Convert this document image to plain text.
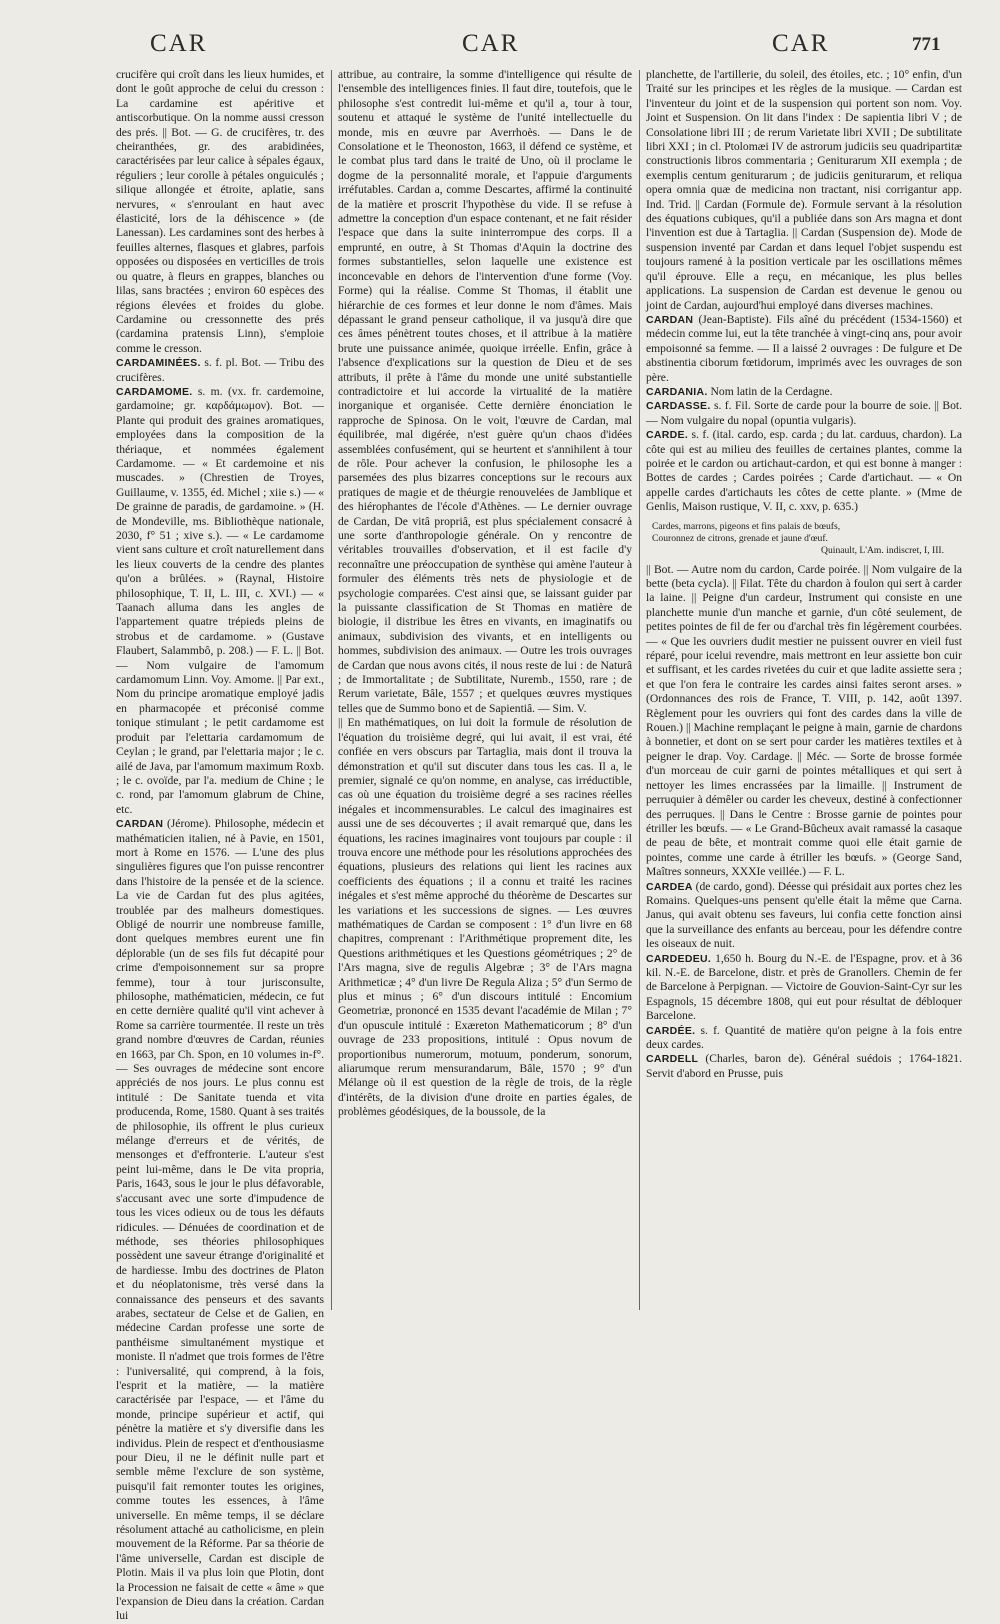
CAR	CAR	CAR	771

crucifère qui croît dans les lieux humides, et dont le goût approche de celui du cresson : La cardamine est apéritive et antiscorbutique. On la nomme aussi cresson des prés. || Bot. — G. de crucifères, tr. des cheiranthées, gr. des arabidinées, caractérisées par leur calice à sépales égaux, réguliers ; leur corolle à pétales onguiculés ; silique allongée et étroite, aplatie, sans nervures, « s'enroulant en haut avec élasticité, lors de la déhiscence » (de Lanessan). Les cardamines sont des herbes à feuilles alternes, flasques et glabres, parfois opposées ou disposées en verticilles de trois ou quatre, à fleurs en grappes, blanches ou lilas, sans bractées ; environ 60 espèces des régions élevées et froides du globe. Cardamine ou cressonnette des prés (cardamina pratensis Linn), s'emploie comme le cresson.

CARDAMINÉES. s. f. pl. Bot. — Tribu des crucifères.

CARDAMOME. s. m. (vx. fr. cardemoine, gardamoine; gr. καρδάμωμον). Bot. — Plante qui produit des graines aromatiques, employées dans la composition de la thériaque, et nommées également Cardamome. — « Et cardemoine et nis muscades. » (Chrestien de Troyes, Guillaume, v. 1355, éd. Michel ; xiie s.) — « De grainne de paradis, de gardamoine. » (H. de Mondeville, ms. Bibliothèque nationale, 2030, f° 51 ; xive s.). — « Le cardamome vient sans culture et croît naturellement dans les lieux couverts de la cendre des plantes qu'on a brûlées. » (Raynal, Histoire philosophique, T. II, L. III, c. XVI.) — « Taanach alluma dans les angles de l'appartement quatre trépieds pleins de strobus et de cardamome. » (Gustave Flaubert, Salammbô, p. 208.) — F. L. || Bot. — Nom vulgaire de l'amomum cardamomum Linn. Voy. Amome. || Par ext., Nom du principe aromatique employé jadis en pharmacopée et préconisé comme tonique stimulant ; le petit cardamome est produit par l'elettaria cardamomum de Ceylan ; le grand, par l'elettaria major ; le c. ailé de Java, par l'amomum maximum Roxb. ; le c. ovoïde, par l'a. medium de Chine ; le c. rond, par l'amomum glabrum de Chine, etc.

CARDAN (Jérome). Philosophe, médecin et mathématicien italien, né à Pavie, en 1501, mort à Rome en 1576. — L'une des plus singulières figures que l'on puisse rencontrer dans l'histoire de la pensée et de la science. La vie de Cardan fut des plus agitées, troublée par des malheurs domestiques. Obligé de nourrir une nombreuse famille, dont quelques membres eurent une fin déplorable (un de ses fils fut décapité pour crime d'empoisonnement sur sa propre femme), tour à tour jurisconsulte, philosophe, mathématicien, médecin, ce fut en cette dernière qualité qu'il vint achever à Rome sa carrière tourmentée. Il reste un très grand nombre d'œuvres de Cardan, réunies en 1663, par Ch. Spon, en 10 volumes in-f°. — Ses ouvrages de médecine sont encore appréciés de nos jours. Le plus connu est intitulé : De Sanitate tuenda et vita producenda, Rome, 1580. Quant à ses traités de philosophie, ils offrent le plus curieux mélange d'erreurs et de vérités, de mensonges et d'effronterie. L'auteur s'est peint lui-même, dans le De vita propria, Paris, 1643, sous le jour le plus défavorable, s'accusant avec une sorte d'impudence de tous les vices odieux ou de tous les défauts ridicules. — Dénuées de coordination et de méthode, ses théories philosophiques possèdent une saveur étrange d'originalité et de hardiesse. Imbu des doctrines de Platon et du néoplatonisme, très versé dans la connaissance des penseurs et des savants arabes, sectateur de Celse et de Galien, en médecine Cardan professe une sorte de panthéisme simultanément mystique et moniste. Il n'admet que trois formes de l'être : l'universalité, qui comprend, à la fois, l'esprit et la matière, — la matière caractérisée par l'espace, — et l'âme du monde, principe supérieur et actif, qui pénètre la matière et s'y diversifie dans les individus. Plein de respect et d'enthousiasme pour Dieu, il ne le définit nulle part et semble même l'exclure de son système, puisqu'il fait remonter toutes les origines, comme toutes les essences, à l'âme universelle. En même temps, il se déclare résolument attaché au catholicisme, en plein mouvement de la Réforme. Par sa théorie de l'âme universelle, Cardan est disciple de Plotin. Mais il va plus loin que Plotin, dont la Procession ne faisait de cette « âme » que l'expansion de Dieu dans la création. Cardan lui

attribue, au contraire, la somme d'intelligence qui résulte de l'ensemble des intelligences finies. Il faut dire, toutefois, que le philosophe s'est contredit lui-même et qu'il a, tour à tour, soutenu et attaqué le système de l'unité intellectuelle du monde, mis en œuvre par Averrhoès. — Dans le de Consolatione et le Theonoston, 1663, il défend ce système, et le combat plus tard dans le traité de Uno, où il proclame le dogme de la personnalité morale, et l'appuie d'arguments irréfutables. Cardan a, comme Descartes, affirmé la continuité de la matière et proscrit l'hypothèse du vide. Il se refuse à admettre la conception d'un espace contenant, et ne fait résider l'espace que dans la suite ininterrompue des corps. Il a emprunté, en outre, à St Thomas d'Aquin la doctrine des formes substantielles, selon laquelle une existence est inconcevable en dehors de l'intervention d'une forme (Voy. Forme) qui la réalise. Comme St Thomas, il établit une hiérarchie de ces formes et leur donne le nom d'âmes. Mais dépassant le grand penseur catholique, il va jusqu'à dire que ces âmes pénètrent toutes choses, et il attribue à la matière brute une puissance animée, quoique irréelle. Enfin, grâce à l'absence d'explications sur la question de Dieu et de ses attributs, il prête à l'âme du monde une unité substantielle contradictoire et lui accorde la virtualité de la matière inorganique et organisée. Cette dernière énonciation le rapproche de Spinosa. On le voit, l'œuvre de Cardan, mal équilibrée, mal digérée, n'est guère qu'un chaos d'idées assemblées confusément, qui se heurtent et s'annihilent à tour de rôle. Pour achever la confusion, le philosophe les a parsemées des plus bizarres conceptions sur le recours aux pratiques de magie et de théurgie renouvelées de Jamblique et des hiérophantes de l'école d'Athènes. — Le dernier ouvrage de Cardan, De vitâ propriâ, est plus spécialement consacré à une sorte d'anthropologie générale. On y rencontre de véritables trouvailles d'observation, et il est facile d'y reconnaître une préoccupation de synthèse qui amène l'auteur à formuler des éléments très nets de physiologie et de psychologie comparées. C'est ainsi que, se laissant guider par la puissante classification de St Thomas en matière de biologie, il distribue les êtres en vivants, en imaginatifs ou animaux, subdivision des vivants, et en intelligents ou hommes, subdivision des animaux. — Outre les trois ouvrages de Cardan que nous avons cités, il nous reste de lui : de Naturâ ; de Immortalitate ; de Subtilitate, Nuremb., 1550, rare ; de Rerum varietate, Bâle, 1557 ; et quelques œuvres mystiques telles que de Summo bono et de Sapientiâ. — Sim. V.

|| En mathématiques, on lui doit la formule de résolution de l'équation du troisième degré, qui lui avait, il est vrai, été confiée en vers obscurs par Tartaglia, mais dont il trouva la démonstration et qu'il sut discuter dans tous les cas. Il a, le premier, signalé ce qu'on nomme, en analyse, cas irréductible, cas où une équation du troisième degré a ses racines réelles inégales et incommensurables. Le calcul des imaginaires est aussi une de ses découvertes ; il avait remarqué que, dans les équations, les racines imaginaires vont toujours par couple : il trouva encore une méthode pour les résolutions approchées des équations, plusieurs des relations qui lient les racines aux coefficients des équations ; il a connu et traité les racines inégales et s'est même approché du théorème de Descartes sur les variations et les successions de signes. — Les œuvres mathématiques de Cardan se composent : 1° d'un livre en 68 chapitres, comprenant : l'Arithmétique proprement dite, les Questions arithmétiques et les Questions géométriques ; 2° de l'Ars magna, sive de regulis Algebræ ; 3° de l'Ars magna Arithmeticæ ; 4° d'un livre De Regula Aliza ; 5° d'un Sermo de plus et minus ; 6° d'un discours intitulé : Encomium Geometriæ, prononcé en 1535 devant l'académie de Milan ; 7° d'un opuscule intitulé : Exæreton Mathematicorum ; 8° d'un ouvrage de 233 propositions, intitulé : Opus novum de proportionibus numerorum, motuum, ponderum, sonorum, aliarumque rerum mensurandarum, Bâle, 1570 ; 9° d'un Mélange où il est question de la règle de trois, de la règle d'intérêts, de la division d'une droite en parties égales, de problèmes géodésiques, de la boussole, de la

planchette, de l'artillerie, du soleil, des étoiles, etc. ; 10° enfin, d'un Traité sur les principes et les règles de la musique. — Cardan est l'inventeur du joint et de la suspension qui portent son nom. Voy. Joint et Suspension. On lit dans l'index : De sapientia libri V ; de Consolatione libri III ; de rerum Varietate libri XVII ; De subtilitate libri XXI ; in cl. Ptolomæi IV de astrorum judiciis seu quadripartitæ constructionis libros commentaria ; Geniturarum XII exempla ; de exemplis centum geniturarum ; de judiciis geniturarum, et reliqua opera omnia quæ de medicina non tractant, nisi corrigantur app. Ind. Trid. || Cardan (Formule de). Formule servant à la résolution des équations cubiques, qu'il a publiée dans son Ars magna et dont l'invention est due à Tartaglia. || Cardan (Suspension de). Mode de suspension inventé par Cardan et dans lequel l'objet suspendu est toujours ramené à la position verticale par les oscillations mêmes qu'il éprouve. Elle a reçu, en mécanique, les plus belles applications. La suspension de Cardan est devenue le genou ou joint de Cardan, aujourd'hui employé dans diverses machines.

CARDAN (Jean-Baptiste). Fils aîné du précédent (1534-1560) et médecin comme lui, eut la tête tranchée à vingt-cinq ans, pour avoir empoisonné sa femme. — Il a laissé 2 ouvrages : De fulgure et De abstinentia ciborum fœtidorum, imprimés avec les ouvrages de son père.

CARDANIA. Nom latin de la Cerdagne.

CARDASSE. s. f. Fil. Sorte de carde pour la bourre de soie. || Bot. — Nom vulgaire du nopal (opuntia vulgaris).

CARDE. s. f. (ital. cardo, esp. carda ; du lat. carduus, chardon). La côte qui est au milieu des feuilles de certaines plantes, comme la poirée et le cardon ou artichaut-cardon, et qui est bonne à manger : Bottes de cardes ; Cardes poirées ; Carde d'artichaut. — « On appelle cardes d'artichauts les côtes de cette plante. » (Mme de Genlis, Maison rustique, V. II, c. xxv, p. 635.)

Cardes, marrons, pigeons et fins palais de bœufs,
Couronnez de citrons, grenade et jaune d'œuf.
Quinault, L'Am. indiscret, I, III.

|| Bot. — Autre nom du cardon, Carde poirée. || Nom vulgaire de la bette (beta cycla). || Filat. Tête du chardon à foulon qui sert à carder la laine. || Peigne d'un cardeur, Instrument qui consiste en une planchette munie d'un manche et garnie, d'un côté seulement, de petites pointes de fil de fer ou d'archal très fin légèrement courbées. — « Que les ouvriers dudit mestier ne puissent ouvrer en vieil fust réparé, pour icelui revendre, mais mettront en leur assiette bon cuir et suffisant, et les cardes rivetées du cuir et que ladite assiette sera ; et que l'on fera le contraire les cardes ainsi faites seront arses. » (Ordonnances des rois de France, T. VIII, p. 142, août 1397. Règlement pour les ouvriers qui font des cardes dans la ville de Rouen.) || Machine remplaçant le peigne à main, garnie de chardons à bonnetier, et dont on se sert pour carder les matières textiles et à peigner le drap. Voy. Cardage. || Méc. — Sorte de brosse formée d'un morceau de cuir garni de pointes métalliques et qui sert à nettoyer les limes encrassées par la limaille. || Instrument de perruquier à démêler ou carder les cheveux, destiné à confectionner des perruques. || Dans le Centre : Brosse garnie de pointes pour étriller les bœufs. — « Le Grand-Bûcheux avait ramassé la casaque de peau de bête, et montrait comme quoi elle était garnie de pointes, comme une carde à étriller les bœufs. » (George Sand, Maîtres sonneurs, XXXIe veillée.) — F. L.

CARDEA (de cardo, gond). Déesse qui présidait aux portes chez les Romains. Quelques-uns pensent qu'elle était la même que Carna. Janus, qui avait obtenu ses faveurs, lui confia cette fonction ainsi que la surveillance des enfants au berceau, pour les défendre contre les oiseaux de nuit.

CARDEDEU. 1,650 h. Bourg du N.-E. de l'Espagne, prov. et à 36 kil. N.-E. de Barcelone, distr. et près de Granollers. Chemin de fer de Barcelone à Perpignan. — Victoire de Gouvion-Saint-Cyr sur les Espagnols, 15 décembre 1808, qui eut pour résultat de débloquer Barcelone.

CARDÉE. s. f. Quantité de matière qu'on peigne à la fois entre deux cardes.

CARDELL (Charles, baron de). Général suédois ; 1764-1821. Servit d'abord en Prusse, puis
